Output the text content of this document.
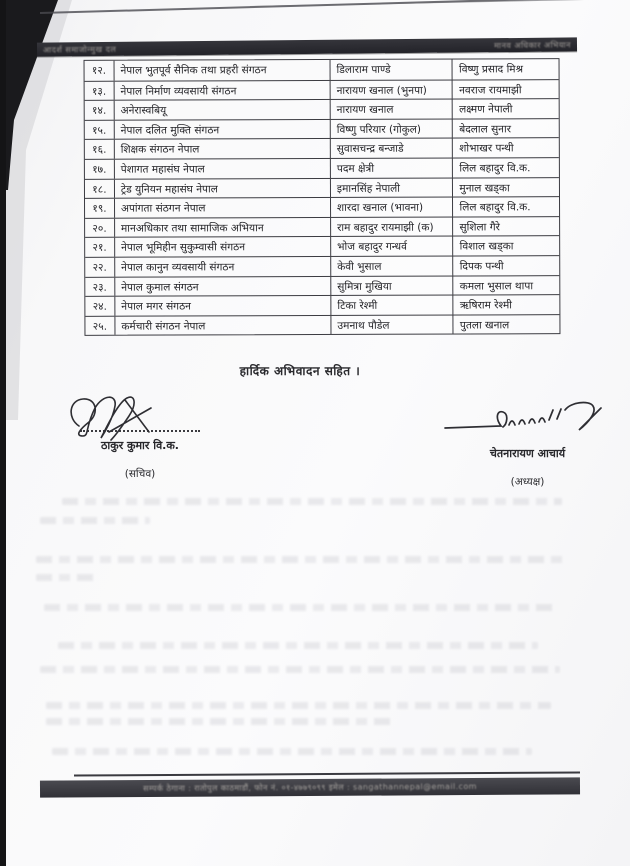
आदर्श समाजोन्मुख दल	मानव अधिकार अभियान
१२.	नेपाल भुतपूर्व सैनिक तथा प्रहरी संगठन	डिलाराम पाण्डे	विष्णु प्रसाद मिश्र
१३.	नेपाल निर्माण व्यवसायी संगठन	नारायण खनाल (भुनपा)	नवराज रायमाझी
१४.	अनेरास्वबियू	नारायण खनाल	लक्ष्मण नेपाली
१५.	नेपाल दलित मुक्ति संगठन	विष्णु परियार (गोकुल)	बेदलाल सुनार
१६.	शिक्षक संगठन नेपाल	सुवासचन्द्र बन्जाडे	शोभाखर पन्थी
१७.	पेशागत महासंघ नेपाल	पदम क्षेत्री	लिल बहादुर वि.क.
१८.	ट्रेड युनियन महासंघ नेपाल	इमानसिंह नेपाली	मुनाल खड्का
१९.	अपांगता संठगन नेपाल	शारदा खनाल (भावना)	लिल बहादुर वि.क.
२०.	मानअधिकार तथा सामाजिक अभियान	राम बहादुर रायमाझी (क)	सुशिला गैरे
२१.	नेपाल भूमिहीन सुकुम्वासी संगठन	भोज बहादुर गन्धर्व	विशाल खड्का
२२.	नेपाल कानुन व्यवसायी संगठन	केवी भुसाल	दिपक पन्थी
२३.	नेपाल कुमाल संगठन	सुमित्रा मुखिया	कमला भुसाल थापा
२४.	नेपाल मगर संगठन	टिका रेश्मी	ऋषिराम रेश्मी
२५.	कर्मचारी संगठन नेपाल	उमनाथ पौडेल	पुतला खनाल
हार्दिक अभिवादन सहित ।
ठाकुर कुमार वि.क.
(सचिव)
चेतनारायण आचार्य
(अध्यक्ष)
सम्पर्क ठेगाना : रातोपुल काठमाडौं, फोन नं. ०१-४७७९०९९ इमेल : sangathannepal@email.com
